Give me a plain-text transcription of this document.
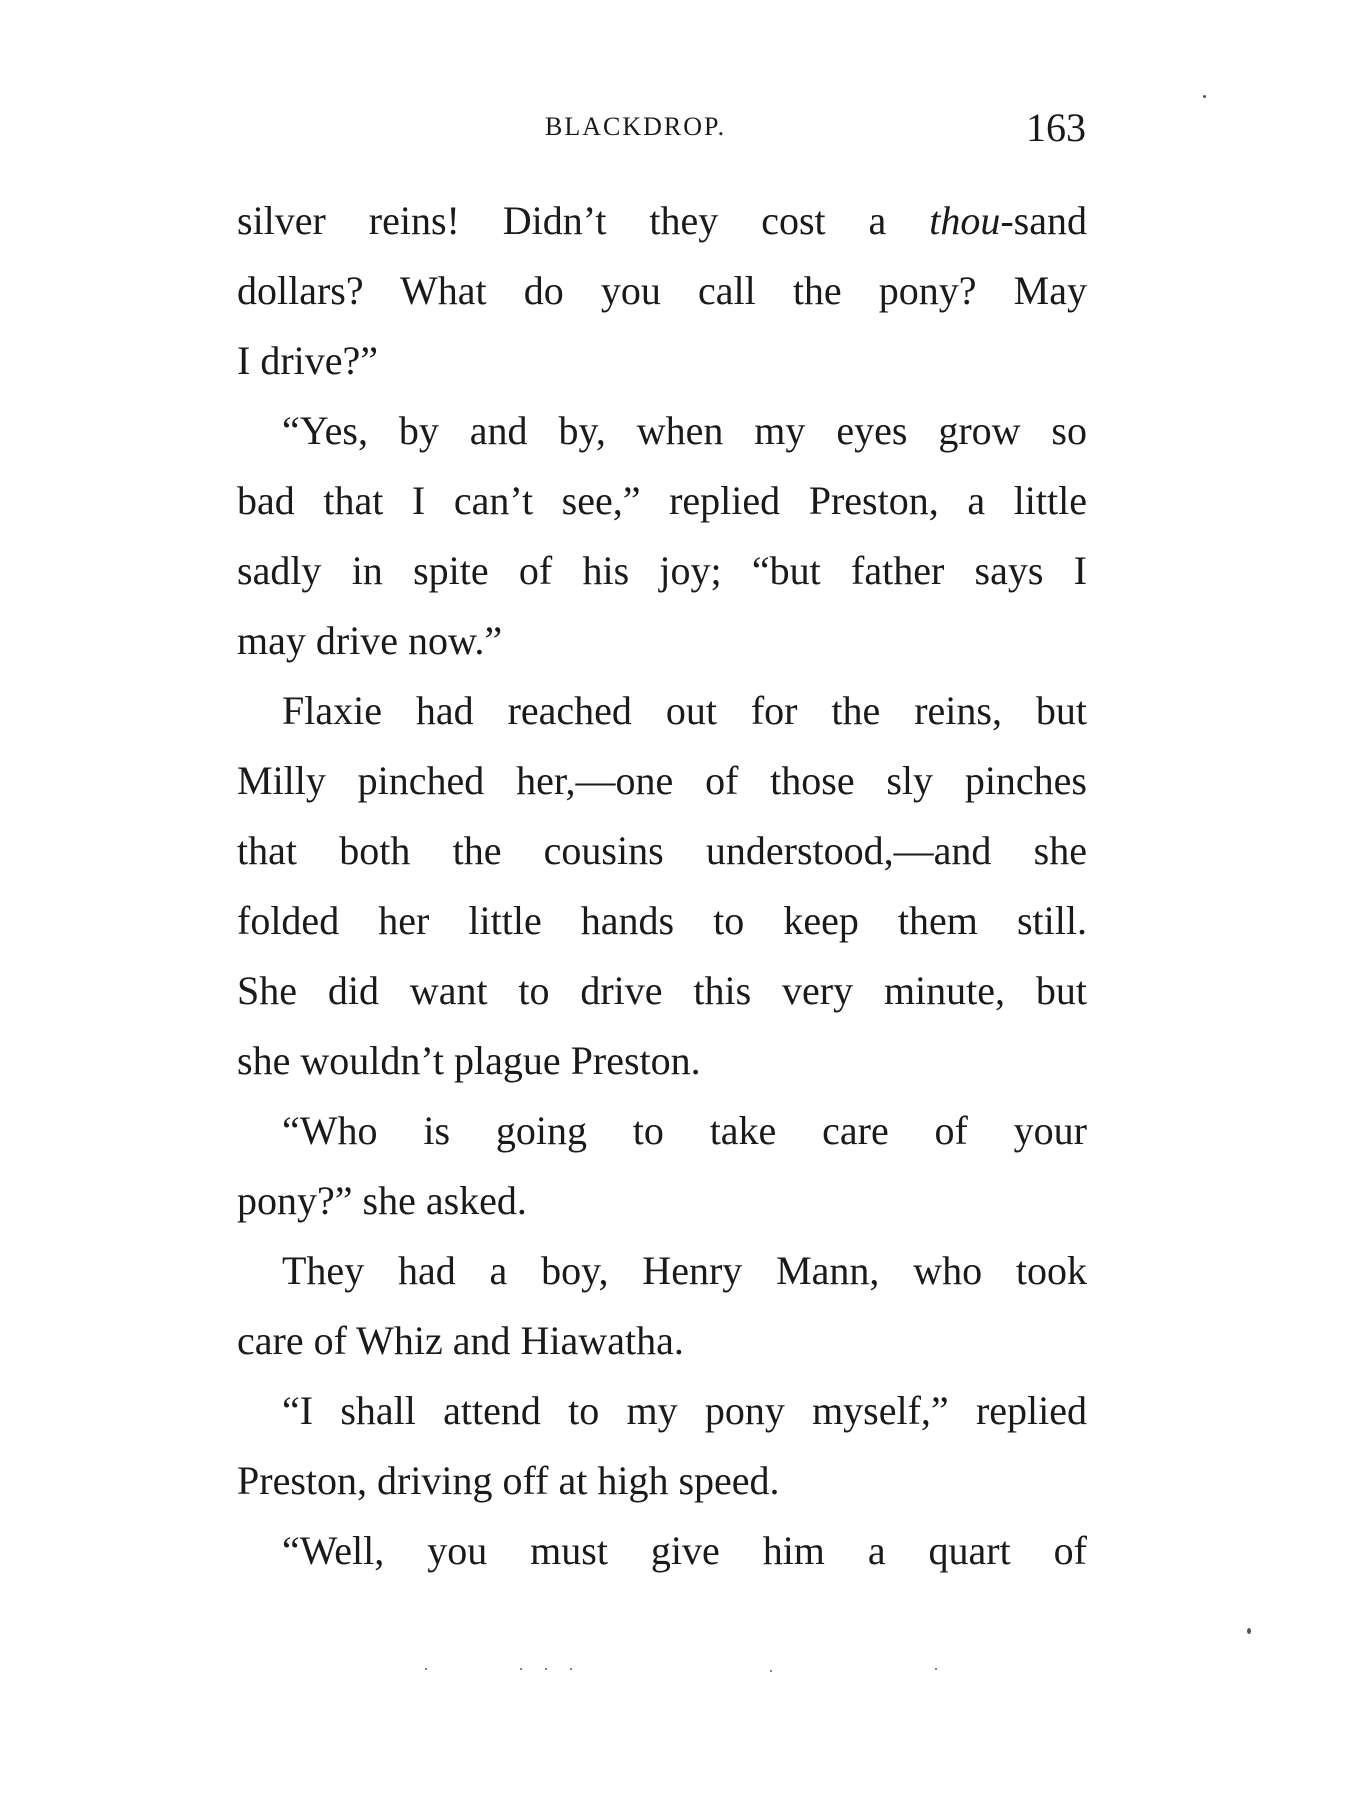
BLACKDROP.	163
silver reins! Didn’t they cost a thou-sand
dollars? What do you call the pony? May
I drive?”
“Yes, by and by, when my eyes grow so
bad that I can’t see,” replied Preston, a little
sadly in spite of his joy; “but father says I
may drive now.”
Flaxie had reached out for the reins, but
Milly pinched her,—one of those sly pinches
that both the cousins understood,—and she
folded her little hands to keep them still.
She did want to drive this very minute, but
she wouldn’t plague Preston.
“Who is going to take care of your
pony?” she asked.
They had a boy, Henry Mann, who took
care of Whiz and Hiawatha.
“I shall attend to my pony myself,” replied
Preston, driving off at high speed.
“Well, you must give him a quart of
